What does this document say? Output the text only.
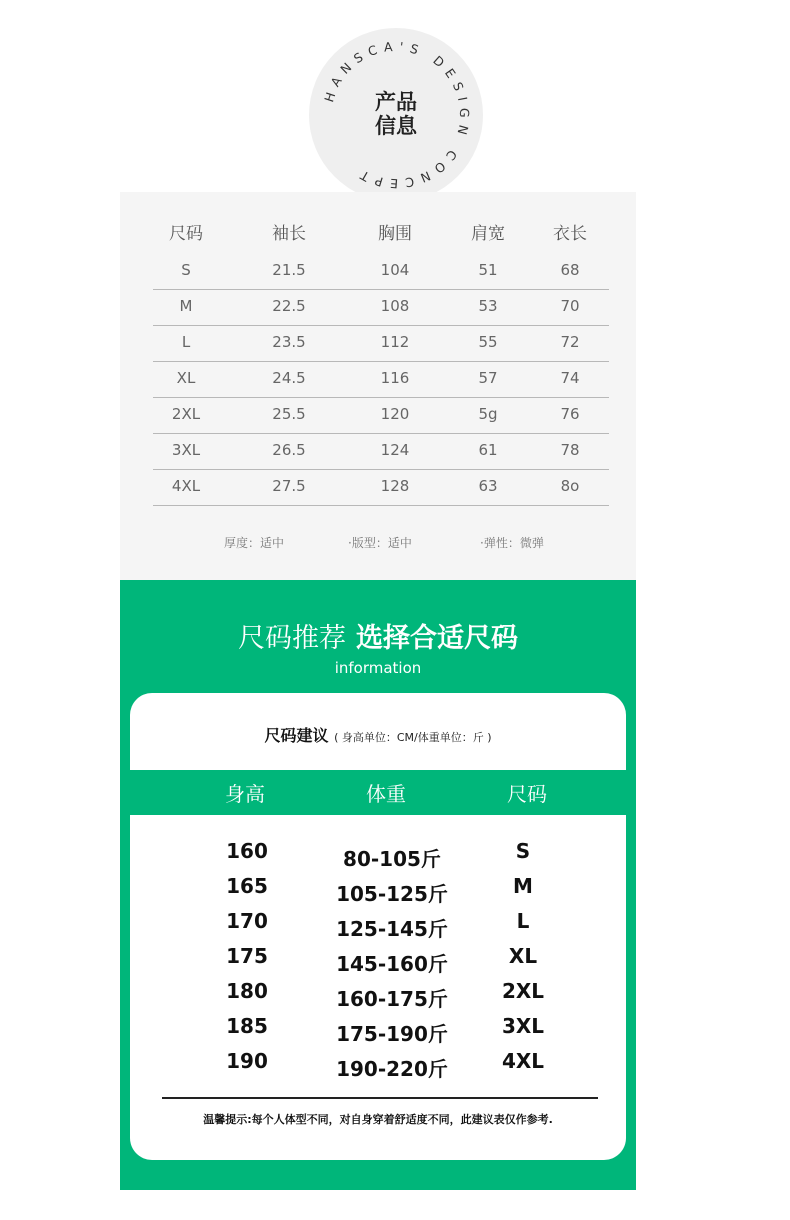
HANSCA'S DESIGN CONCEPT
产品
信息
尺码	袖长	胸围	肩宽	衣长
S	21.5	104	51	68
M	22.5	108	53	70
L	23.5	112	55	72
XL	24.5	116	57	74
2XL	25.5	120	5g	76
3XL	26.5	124	61	78
4XL	27.5	128	63	8o
厚度：适中	·版型：适中	·弹性：微弹
尺码推荐 选择合适尺码
information
尺码建议 ( 身高单位：CM/体重单位：斤 )
身高	体重	尺码
160	80-105斤	S
165	105-125斤	M
170	125-145斤	L
175	145-160斤	XL
180	160-175斤	2XL
185	175-190斤	3XL
190	190-220斤	4XL
温馨提示:每个人体型不同，对自身穿着舒适度不同，此建议表仅作参考.
